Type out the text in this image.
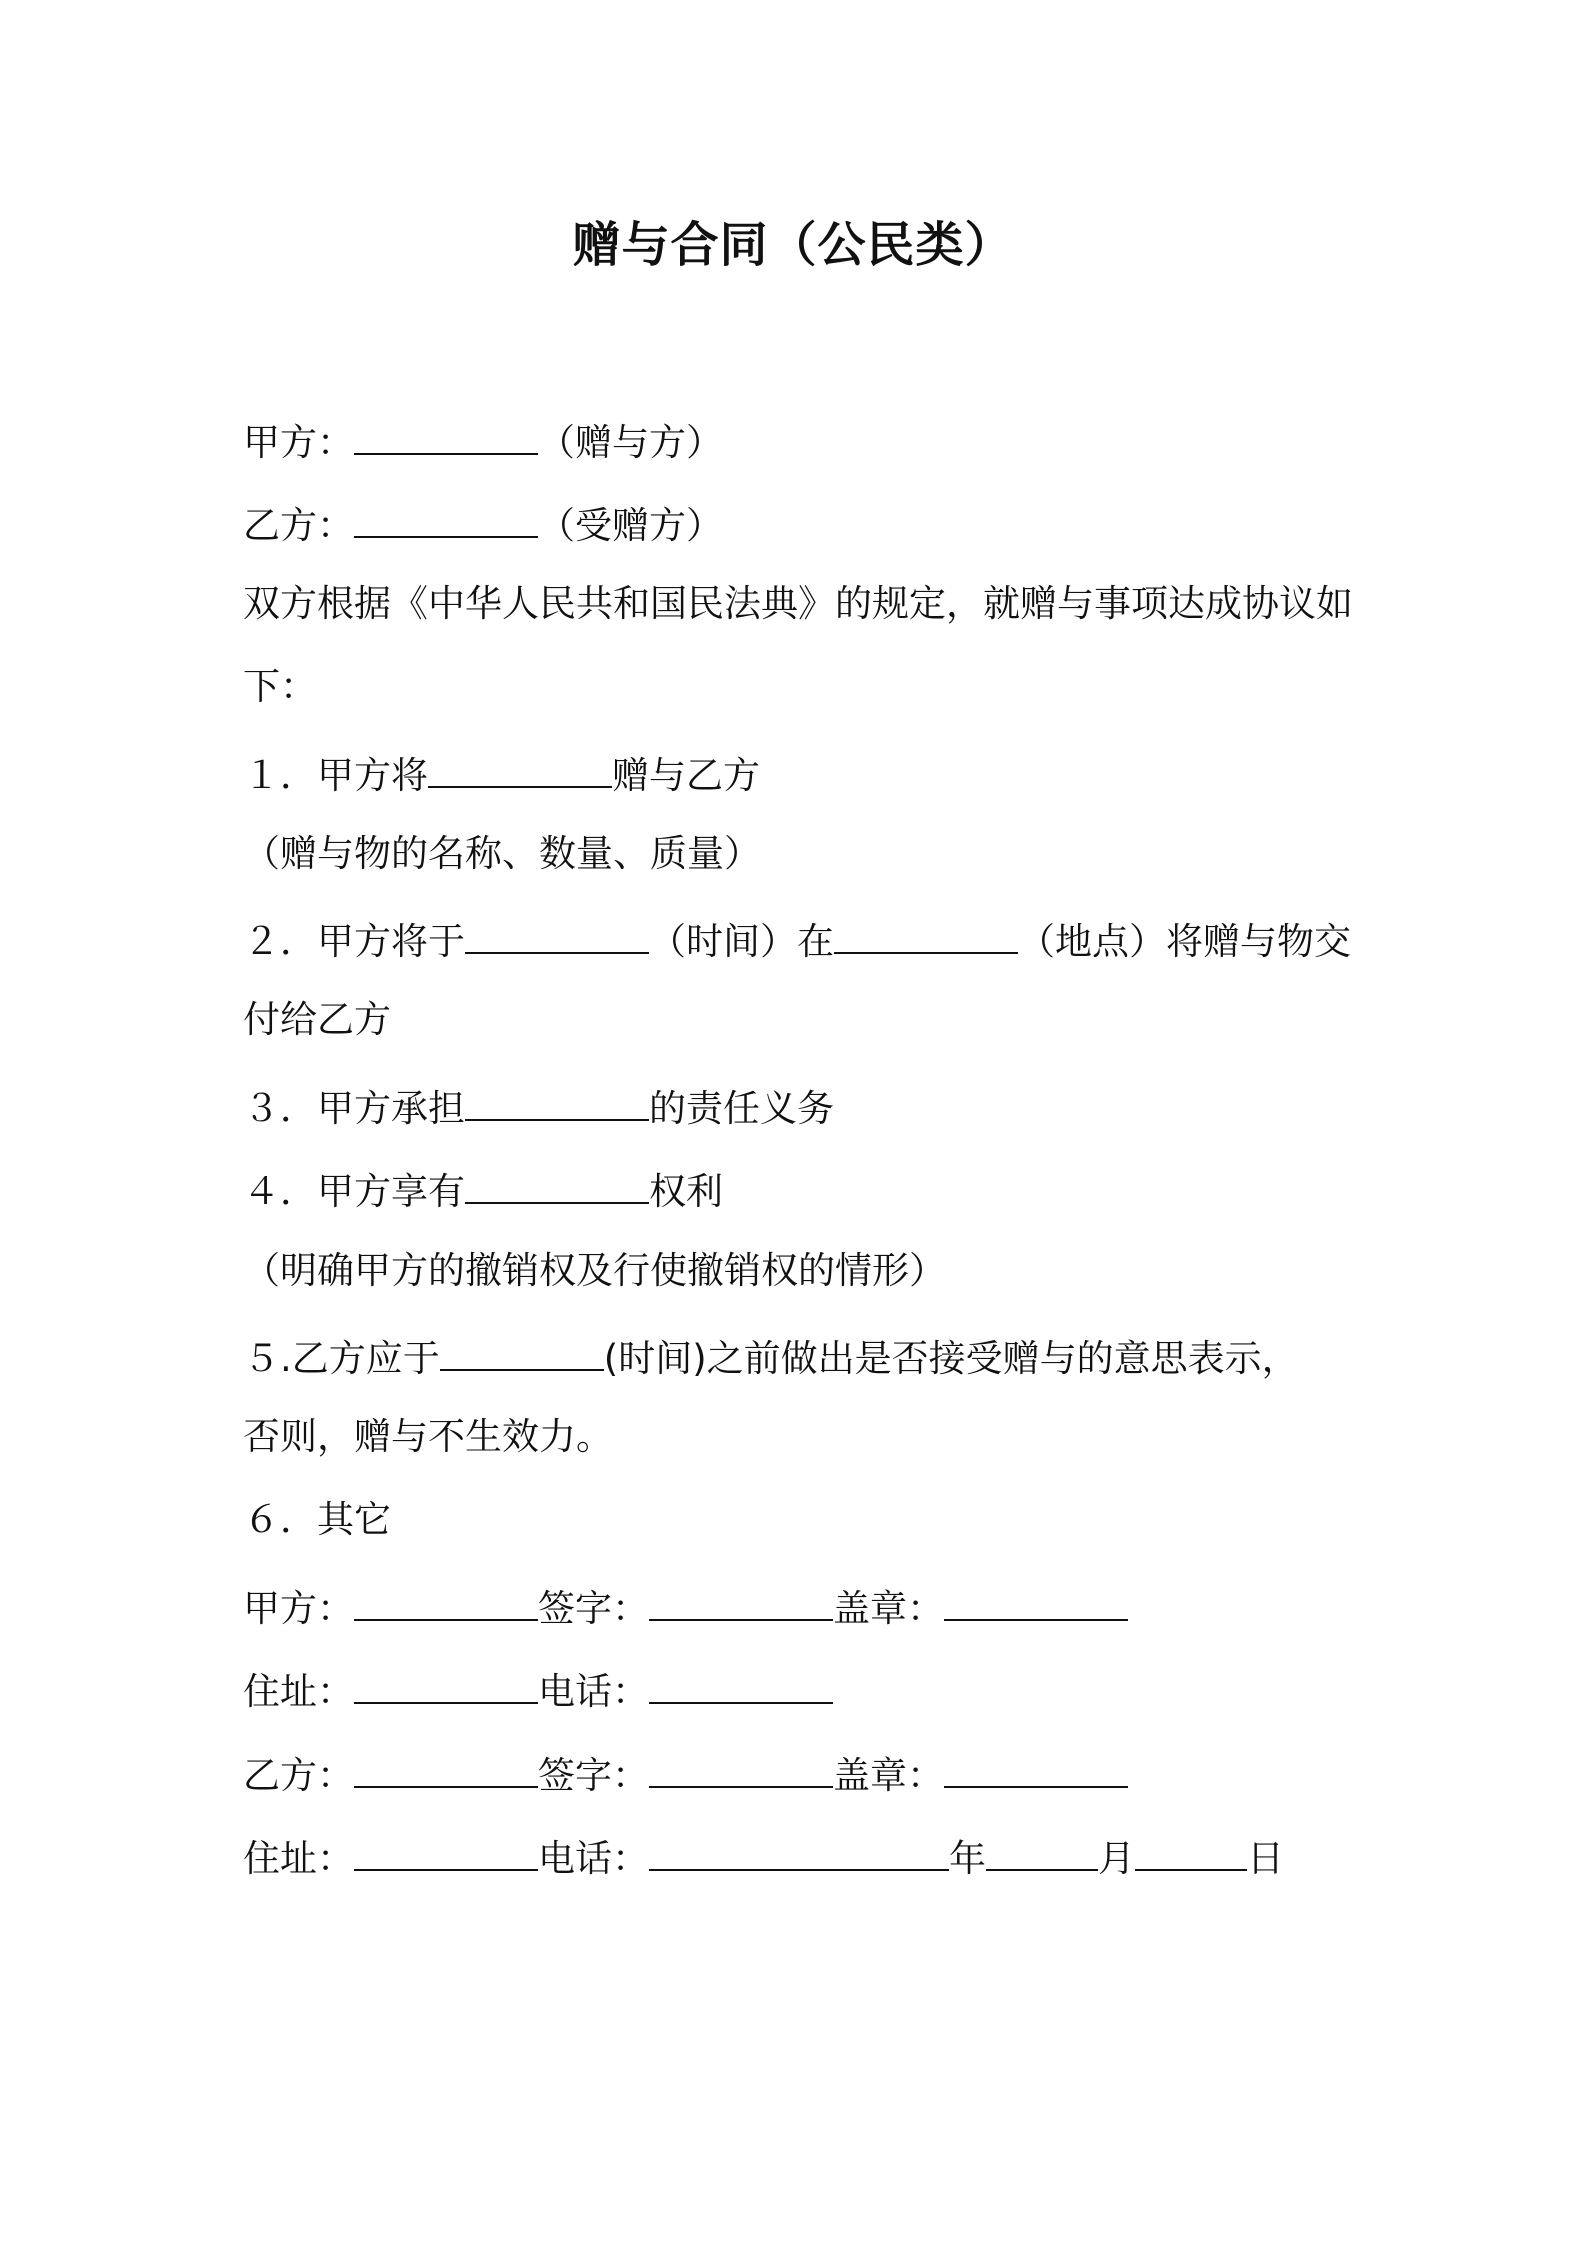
赠与合同（公民类）
甲方：	（赠与方）
乙方：	（受赠方）
双方根据《中华人民共和国民法典》的规定，就赠与事项达成协议如
下：
１．甲方将	赠与乙方
（赠与物的名称、数量、质量）
２．甲方将于	（时间）在	（地点）将赠与物交
付给乙方
３．甲方承担	的责任义务
４．甲方享有	权利
（明确甲方的撤销权及行使撤销权的情形）
５.乙方应于	(时间)之前做出是否接受赠与的意思表示，
否则，赠与不生效力。
６．其它
甲方：	签字：	盖章：
住址：	电话：
乙方：	签字：	盖章：
住址：	电话：	年	月	日
